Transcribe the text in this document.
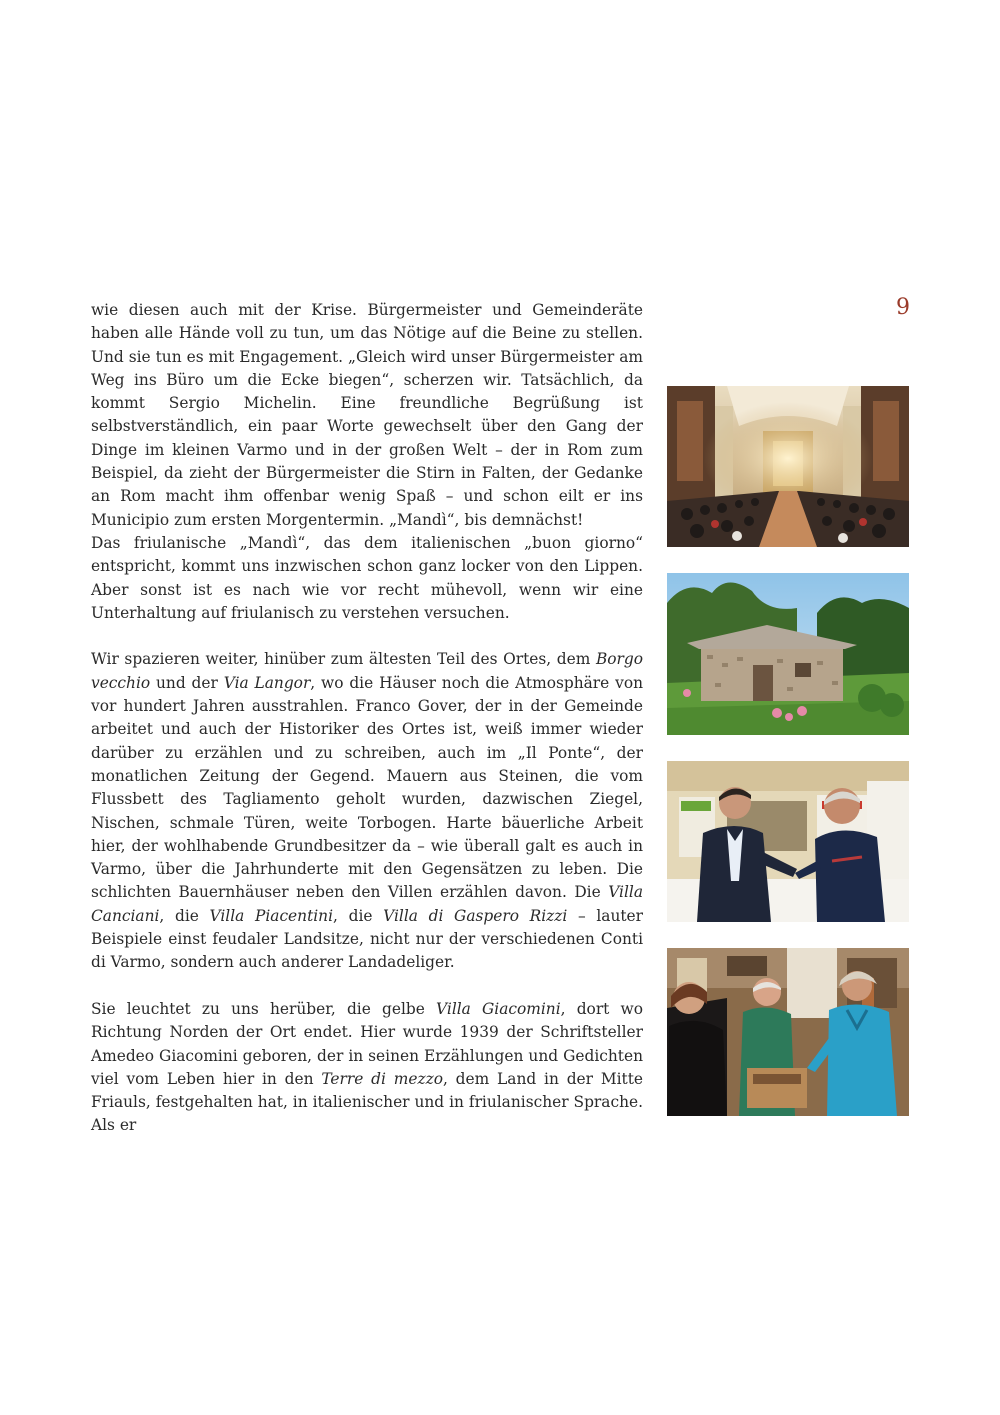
9

wie diesen auch mit der Krise. Bürgermeister und Gemeinderäte haben alle Hände voll zu tun, um das Nötige auf die Beine zu stellen. Und sie tun es mit Engagement. „Gleich wird unser Bürgermeister am Weg ins Büro um die Ecke biegen“, scherzen wir. Tatsächlich, da kommt Sergio Michelin. Eine freundliche Begrüßung ist selbstverständlich, ein paar Worte gewechselt über den Gang der Dinge im kleinen Varmo und in der großen Welt – der in Rom zum Beispiel, da zieht der Bürgermeister die Stirn in Falten, der Gedanke an Rom macht ihm offenbar wenig Spaß – und schon eilt er ins Municipio zum ersten Morgentermin. „Mandì“, bis demnächst!

Das friulanische „Mandì“, das dem italienischen „buon giorno“ entspricht, kommt uns inzwischen schon ganz locker von den Lippen. Aber sonst ist es nach wie vor recht mühevoll, wenn wir eine Unterhaltung auf friulanisch zu verstehen versuchen.

Wir spazieren weiter, hinüber zum ältesten Teil des Ortes, dem Borgo vecchio und der Via Langor, wo die Häuser noch die Atmosphäre von vor hundert Jahren ausstrahlen. Franco Gover, der in der Gemeinde arbeitet und auch der Historiker des Ortes ist, weiß immer wieder darüber zu erzählen und zu schreiben, auch im „Il Ponte“, der monatlichen Zeitung der Gegend. Mauern aus Steinen, die vom Flussbett des Tagliamento geholt wurden, dazwischen Ziegel, Nischen, schmale Türen, weite Torbogen. Harte bäuerliche Arbeit hier, der wohlhabende Grundbesitzer da – wie überall galt es auch in Varmo, über die Jahrhunderte mit den Gegensätzen zu leben. Die schlichten Bauernhäuser neben den Villen erzählen davon. Die Villa Canciani, die Villa Piacentini, die Villa di Gaspero Rizzi – lauter Beispiele einst feudaler Landsitze, nicht nur der verschiedenen Conti di Varmo, sondern auch anderer Landadeliger.

Sie leuchtet zu uns herüber, die gelbe Villa Giacomini, dort wo Richtung Norden der Ort endet. Hier wurde 1939 der Schriftsteller Amedeo Giacomini geboren, der in seinen Erzählungen und Gedichten viel vom Leben hier in den Terre di mezzo, dem Land in der Mitte Friauls, festgehalten hat, in italienischer und in friulanischer Sprache. Als er
